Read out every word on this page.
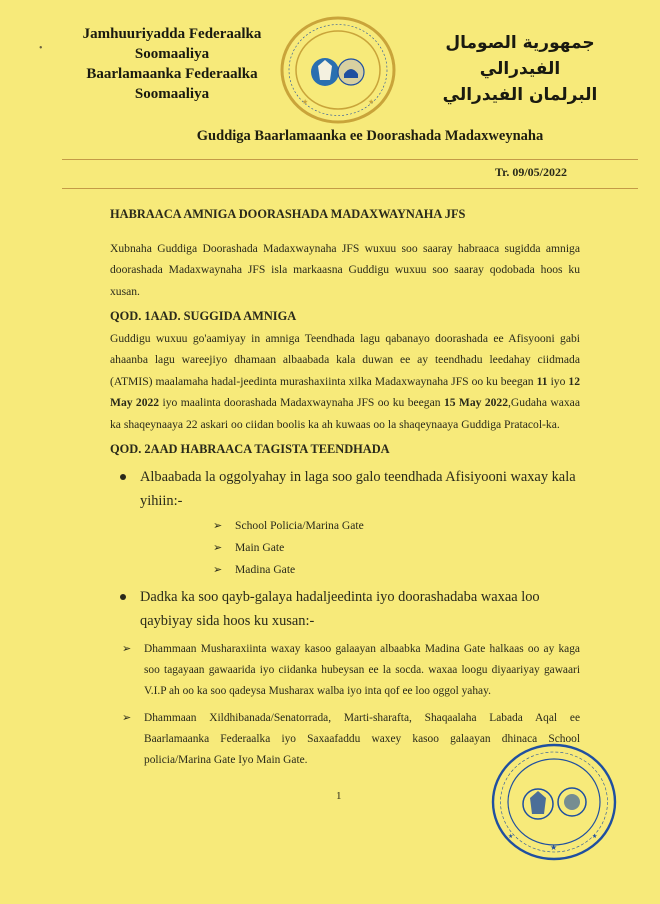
•
Jamhuuriyadda Federaalka
Soomaaliya
Baarlamaanka Federaalka
Soomaaliya	★	★
جمهورية الصومال الفيدرالي
البرلمان الفيدرالي
Guddiga Baarlamaanka ee Doorashada Madaxweynaha
Tr. 09/05/2022

HABRAACA AMNIGA DOORASHADA MADAXWAYNAHA JFS

Xubnaha Guddiga Doorashada Madaxwaynaha JFS wuxuu soo saaray habraaca sugidda amniga doorashada Madaxwaynaha JFS isla markaasna Guddigu wuxuu soo saaray qodobada hoos ku xusan.

QOD. 1AAD. SUGGIDA AMNIGA

Guddigu wuxuu go'aamiyay in amniga Teendhada lagu qabanayo doorashada ee Afisyooni gabi ahaanba lagu wareejiyo dhamaan albaabada kala duwan ee ay teendhadu leedahay ciidmada (ATMIS) maalamaha hadal-jeedinta murashaxiinta xilka Madaxwaynaha JFS oo ku beegan 11 iyo 12 May 2022 iyo maalinta doorashada Madaxwaynaha JFS oo ku beegan 15 May 2022,Gudaha waxaa ka shaqeynaaya 22 askari oo ciidan boolis ka ah kuwaas oo la shaqeynaaya Guddiga Pratacol-ka.

QOD. 2AAD HABRAACA TAGISTA TEENDHADA

Albaabada la oggolyahay in laga soo galo teendhada Afisiyooni waxay kala yihiin:-
➢ School Policia/Marina Gate
➢ Main Gate
➢ Madina Gate
Dadka ka soo qayb-galaya hadaljeedinta iyo doorashadaba waxaa loo qaybiyay sida hoos ku xusan:-
➢ Dhammaan Musharaxiinta waxay kasoo galaayan albaabka Madina Gate halkaas oo ay kaga soo tagayaan gawaarida iyo ciidanka hubeysan ee la socda. waxaa loogu diyaariyay gawaari V.I.P ah oo ka soo qadeysa Musharax walba iyo inta qof ee loo oggol yahay.
➢ Dhammaan Xildhibanada/Senatorrada, Marti-sharafta, Shaqaalaha Labada Aqal ee Baarlamaanka Federaalka iyo Saxaafaddu waxey kasoo galaayan dhinaca School policia/Marina Gate Iyo Main Gate.
1
★
★	★
